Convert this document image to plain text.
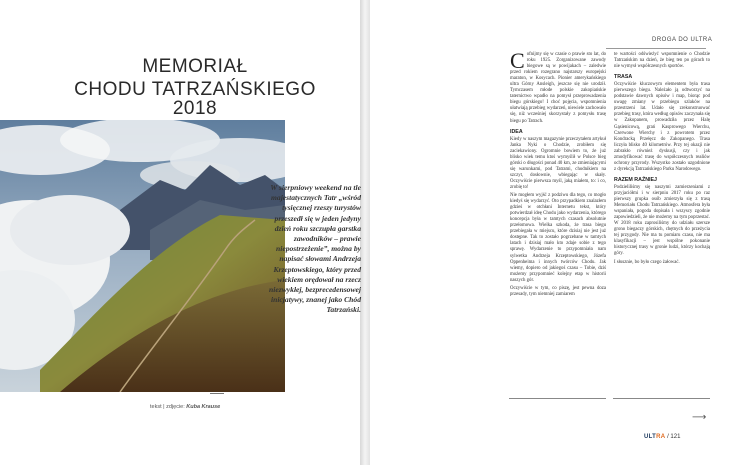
MEMORIAŁ
CHODU TATRZAŃSKIEGO 2018
W sierpniowy weekend na tle majestatycznych Tatr „wśród tysięcznej rzeszy turystów przeszedł się w jeden jedyny dzień roku szczupła garstka zawodników – prawie niepostrzeżenie”, można by napisać słowami Andrzeja Krzeptowskiego, który przed wiekiem orędował na rzecz niezwykłej, bezprecedensowej inicjatywy, znanej jako Chód Tatrzański.
tekst | zdjęcie: Kuba Krause
DROGA DO ULTRA

Cofnijmy się w czasie o prawie sto lat, do roku 1925. Zorganizowane zawody biegowe są w powijakach – zaledwie przed rokiem rozegrano najstarszy europejski maraton, w Kosycach. Pionier amerykańskiego ultra Górny Ansleigh, jeszcze się nie urodził. Tymczasem młode polskie zakopiańskie taternictwo wpadło na pomysł przeprowadzenia biegu górskiego! I choć pojęcia, wspomnienia ułatwiają przebieg wydarzeń, niewiele zachowało się, niż wcześniej skorzystały z pomysłu trasę biegu po Tatrach.

IDEA

Kiedy w naszym magazynie przeczytałem artykuł Janka Nyki o Chodzie, zrobiłem się zaciekawiony. Ogromnie bowiem to, że już blisko wiek temu ktoś wymyślił w Polsce bieg górski o długości ponad 40 km, ze zmieniającymi się warunkami, pod Tatrami, chodnikiem na szczyt, dosłownie, wbiegając w skały. Oczywiście pierwsza myśl, jaką miałem, to: i co, zrobię to!

Nie mogłem wyjść z podziwu dla tego, co mogło kiedyś się wydarzyć. Oto przypadkiem znalazłem gdzieś w otchłani Internetu tekst, który potwierdzał ideę Chodu jako wydarzenia, którego koncepcja była w tamtych czasach absolutnie przełomowa. Wielka szkoda, że trasa biegu przebiegała w miejscu, które dzisiaj nie jest już dostępne. Tak to zostało pogrzebane w tamtych latach i dzisiaj mało kto zdaje sobie z tego sprawę. Wydarzenie to przypomniała nam sylwetka Andrzeja Krzeptowskiego, Józefa Oppenheima i innych twórców Chodu. Jak wiemy, dopiero od jakiegoś czasu – Tobie, dziś możemy przypomnieć kolejny etap w historii naszych gór.

Oczywiście w tym, co piszę, jest pewna doza przesady, tym niemniej zamiarem

te wartości odświeżyć wspomnienie o Chodzie Tatrzańskim na dzień, że bieg ten po górach to nie wymysł współczesnych sportów.

TRASA

Oczywiście kluczowym elementem była trasa pierwszego biegu. Należało ją odtworzyć na podstawie dawnych opisów i map, biorąc pod uwagę zmiany w przebiegu szlaków na przestrzeni lat. Udało się zrekonstruować przebieg trasy, która według opisów zaczynała się w Zakopanem, prowadziła przez Halę Gąsienicową, grań Kasprowego Wierchu, Czerwone Wierchy i z powrotem przez Kondracką Przełęcz do Zakopanego. Trasa liczyła blisko 40 kilometrów. Przy tej okazji nie zabrakło również dyskusji, czy i jak zmodyfikować trasę do współczesnych realiów ochrony przyrody. Wszystko zostało uzgodnione z dyrekcją Tatrzańskiego Parku Narodowego.

RAZEM RAŹNIEJ

Podzieliliśmy się naszymi zamierzeniami z przyjaciółmi i w sierpniu 2017 roku po raz pierwszy grupka osób zmierzyła się z trasą Memoriału Chodu Tatrzańskiego. Atmosfera była wspaniała, pogoda dopisała i wszyscy zgodnie zapowiedzieli, że nie możemy na tym poprzestać. W 2018 roku zaprosiliśmy do udziału szersze grono biegaczy górskich, chętnych do przeżycia tej przygody. Nie ma tu pomiaru czasu, nie ma klasyfikacji – jest wspólne pokonanie historycznej trasy w gronie ludzi, którzy kochają góry.

I słusznie, bo było czego żałować.

⟶
ULTRA / 121
